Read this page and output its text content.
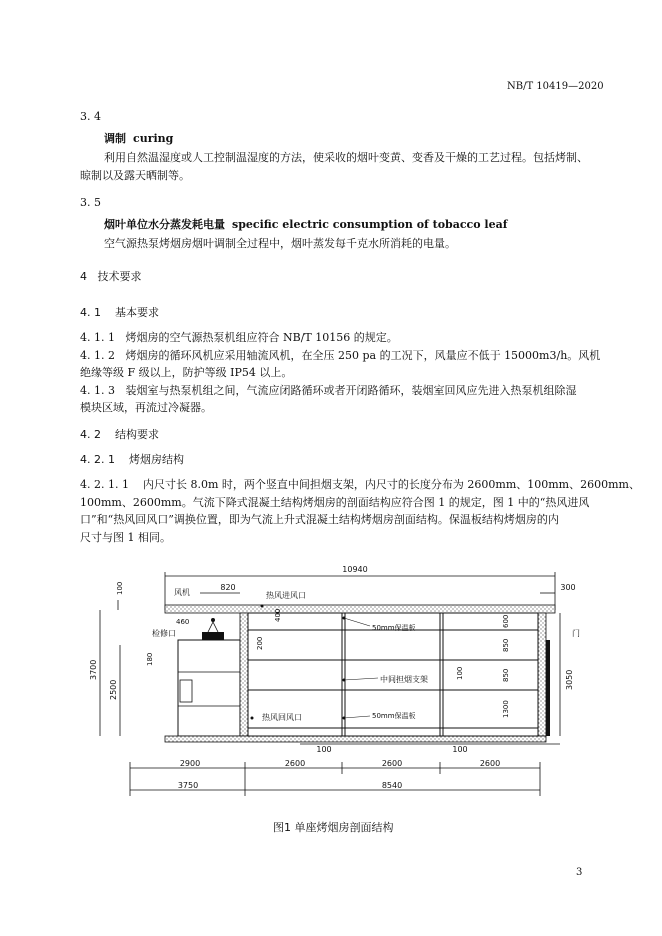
NB/T 10419—2020
3. 4
调制 curing
利用自然温湿度或人工控制温湿度的方法，使采收的烟叶变黄、变香及干燥的工艺过程。包括烤制、
晾制以及露天晒制等。
3. 5
烟叶单位水分蒸发耗电量 specific electric consumption of tobacco leaf
空气源热泵烤烟房烟叶调制全过程中，烟叶蒸发每千克水所消耗的电量。
4 技术要求
4. 1 基本要求
4. 1. 1 烤烟房的空气源热泵机组应符合 NB/T 10156 的规定。
4. 1. 2 烤烟房的循环风机应采用轴流风机，在全压 250 pa 的工况下，风量应不低于 15000m3/h。风机
绝缘等级 F 级以上，防护等级 IP54 以上。
4. 1. 3 装烟室与热泵机组之间，气流应闭路循环或者开闭路循环，装烟室回风应先进入热泵机组除湿
模块区域，再流过冷凝器。
4. 2 结构要求
4. 2. 1 烤烟房结构
4. 2. 1. 1 内尺寸长 8.0m 时，两个竖直中间担烟支架，内尺寸的长度分布为 2600mm、100mm、2600mm、
100mm、2600mm。气流下降式混凝土结构烤烟房的剖面结构应符合图 1 的规定，图 1 中的“热风进风
口”和“热风回风口”调换位置，即为气流上升式混凝土结构烤烟房剖面结构。保温板结构烤烟房的内
尺寸与图 1 相同。
10940
820	300
100
460	400
200
180
3700
2500
600
850
850
1300
100	3050
100	100
2900	2600	2600	2600
3750	8540
风机	热风进风口
检修口	门
50mm保温板
中间担烟支架
热风回风口	50mm保温板
图1 单座烤烟房剖面结构
3
